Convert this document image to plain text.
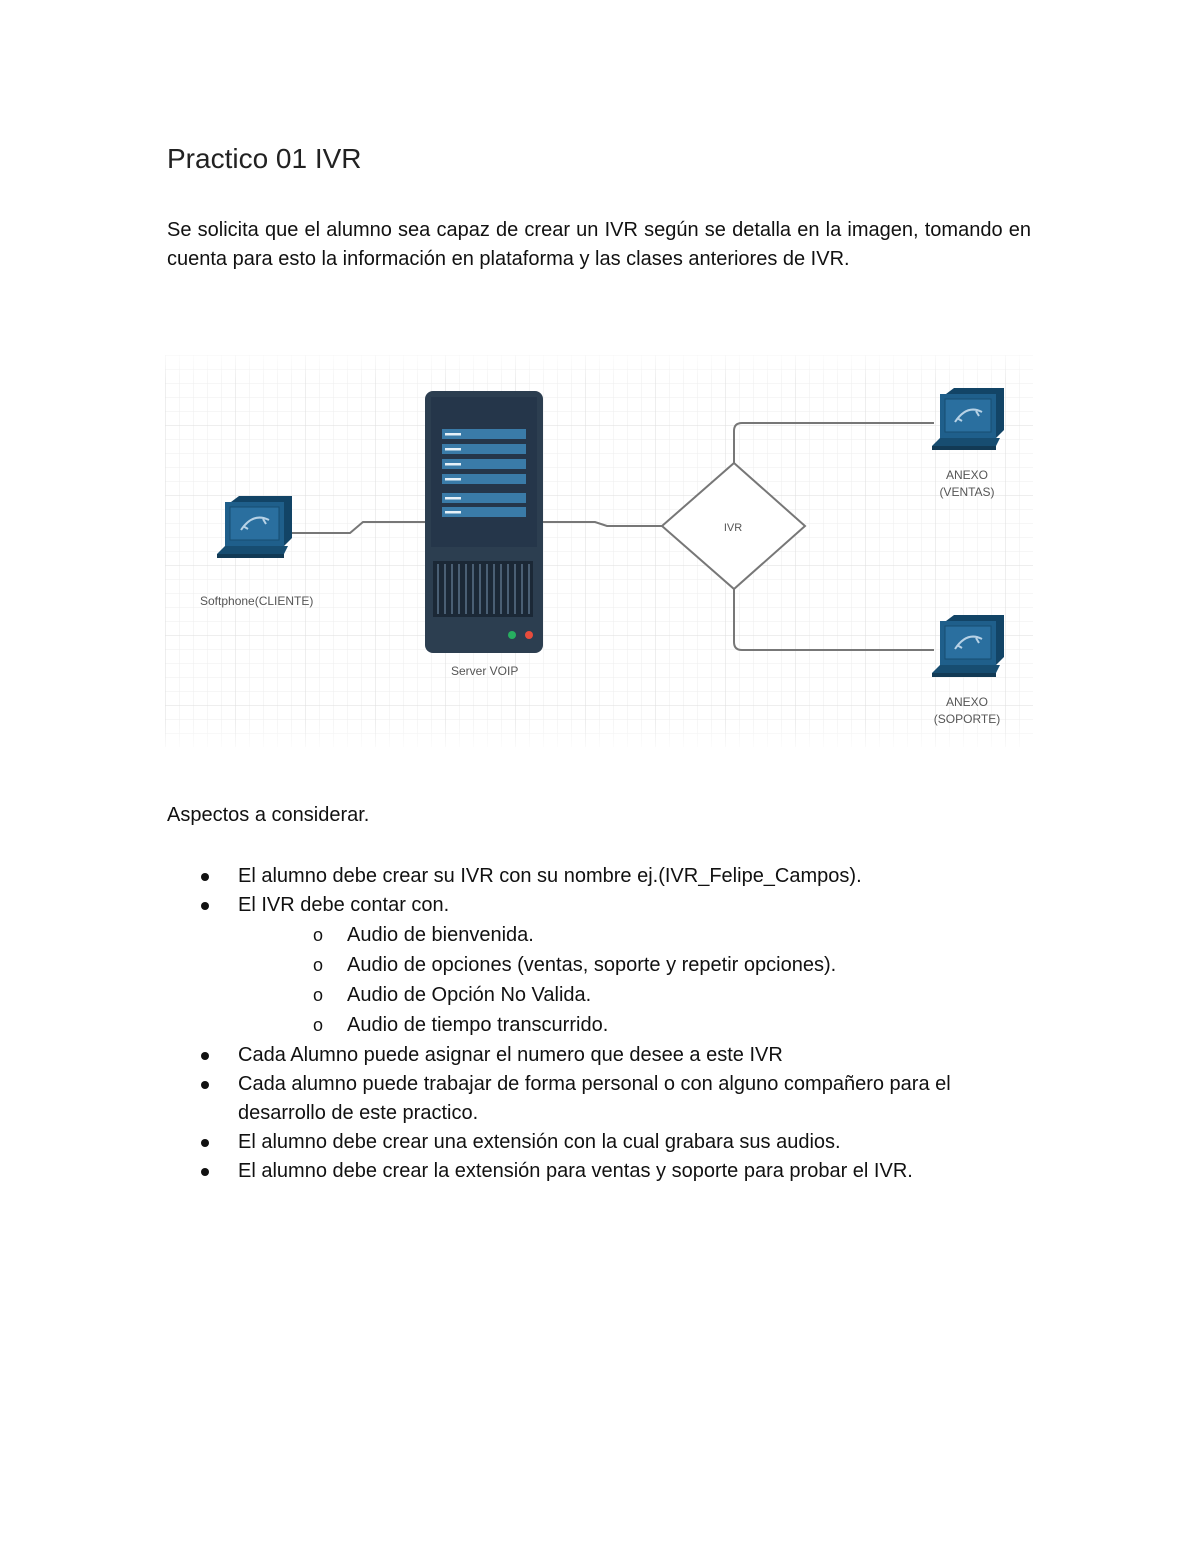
Practico 01 IVR

Se solicita que el alumno sea capaz de crear un IVR según se detalla en la imagen, tomando en cuenta para esto la información en plataforma y las clases anteriores de IVR.

Softphone(CLIENTE)
Server VOIP
IVR
ANEXO
(VENTAS)
ANEXO
(SOPORTE)
Aspectos a considerar.
El alumno debe crear su IVR con su nombre ej.(IVR_Felipe_Campos).
El IVR debe contar con.
o Audio de bienvenida.
o Audio de opciones (ventas, soporte y repetir opciones).
o Audio de Opción No Valida.
o Audio de tiempo transcurrido.
Cada Alumno puede asignar el numero que desee a este IVR
Cada alumno puede trabajar de forma personal o con alguno compañero para el desarrollo de este practico.
El alumno debe crear una extensión con la cual grabara sus audios.
El alumno debe crear la extensión para ventas y soporte para probar el IVR.
